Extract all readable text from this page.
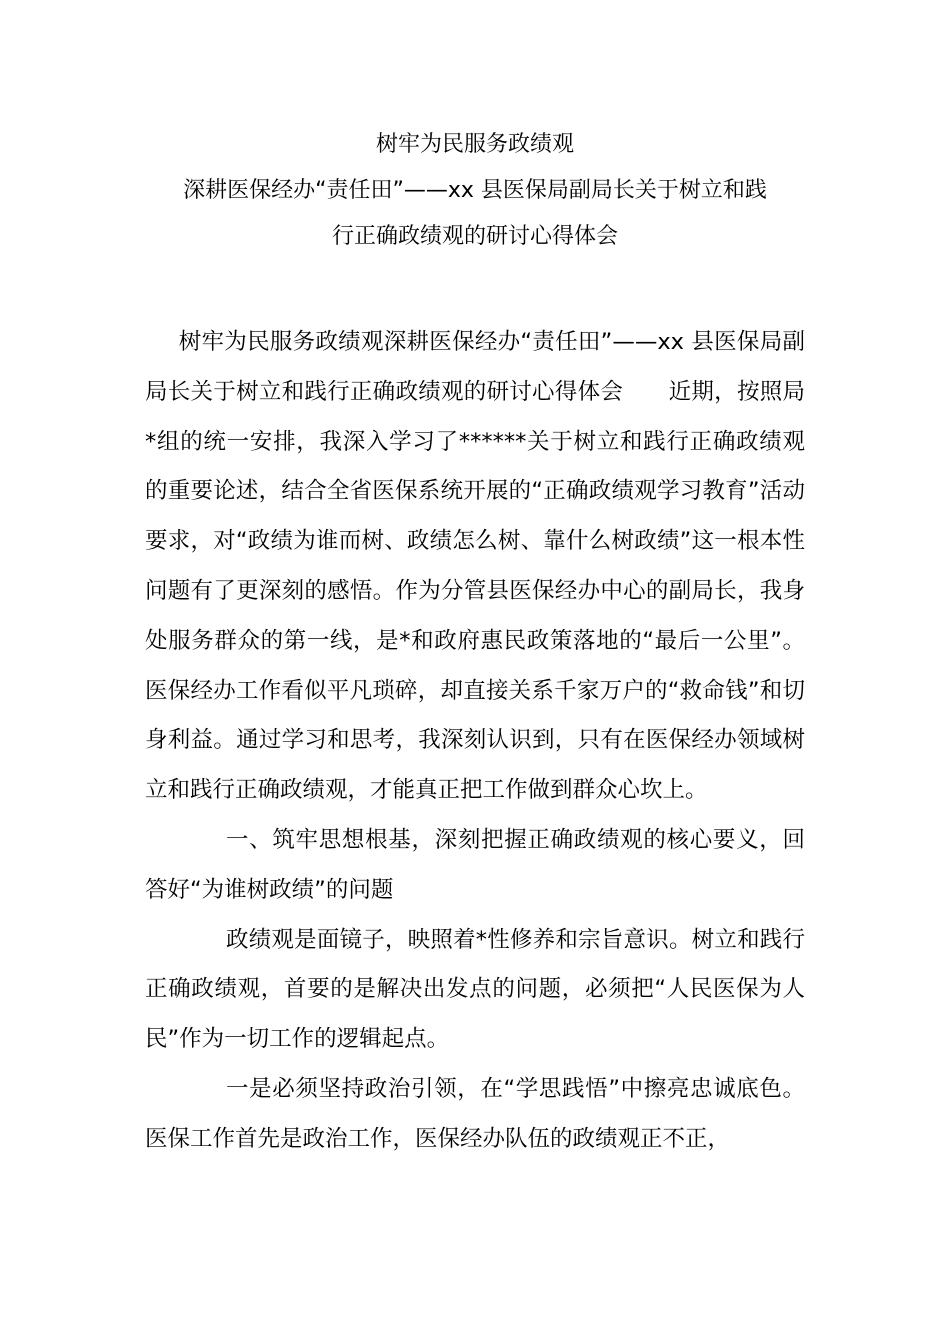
树牢为民服务政绩观

深耕医保经办“责任田”——xx 县医保局副局长关于树立和践

行正确政绩观的研讨心得体会

树牢为民服务政绩观深耕医保经办“责任田”——xx 县医保局副局长关于树立和践行正确政绩观的研讨心得体会　　近期，按照局*组的统一安排，我深入学习了******关于树立和践行正确政绩观的重要论述，结合全省医保系统开展的“正确政绩观学习教育”活动要求，对“政绩为谁而树、政绩怎么树、靠什么树政绩”这一根本性问题有了更深刻的感悟。作为分管县医保经办中心的副局长，我身处服务群众的第一线，是*和政府惠民政策落地的“最后一公里”。医保经办工作看似平凡琐碎，却直接关系千家万户的“救命钱”和切身利益。通过学习和思考，我深刻认识到，只有在医保经办领域树立和践行正确政绩观，才能真正把工作做到群众心坎上。

一、筑牢思想根基，深刻把握正确政绩观的核心要义，回答好“为谁树政绩”的问题

政绩观是面镜子，映照着*性修养和宗旨意识。树立和践行正确政绩观，首要的是解决出发点的问题，必须把“人民医保为人民”作为一切工作的逻辑起点。

一是必须坚持政治引领，在“学思践悟”中擦亮忠诚底色。医保工作首先是政治工作，医保经办队伍的政绩观正不正，
